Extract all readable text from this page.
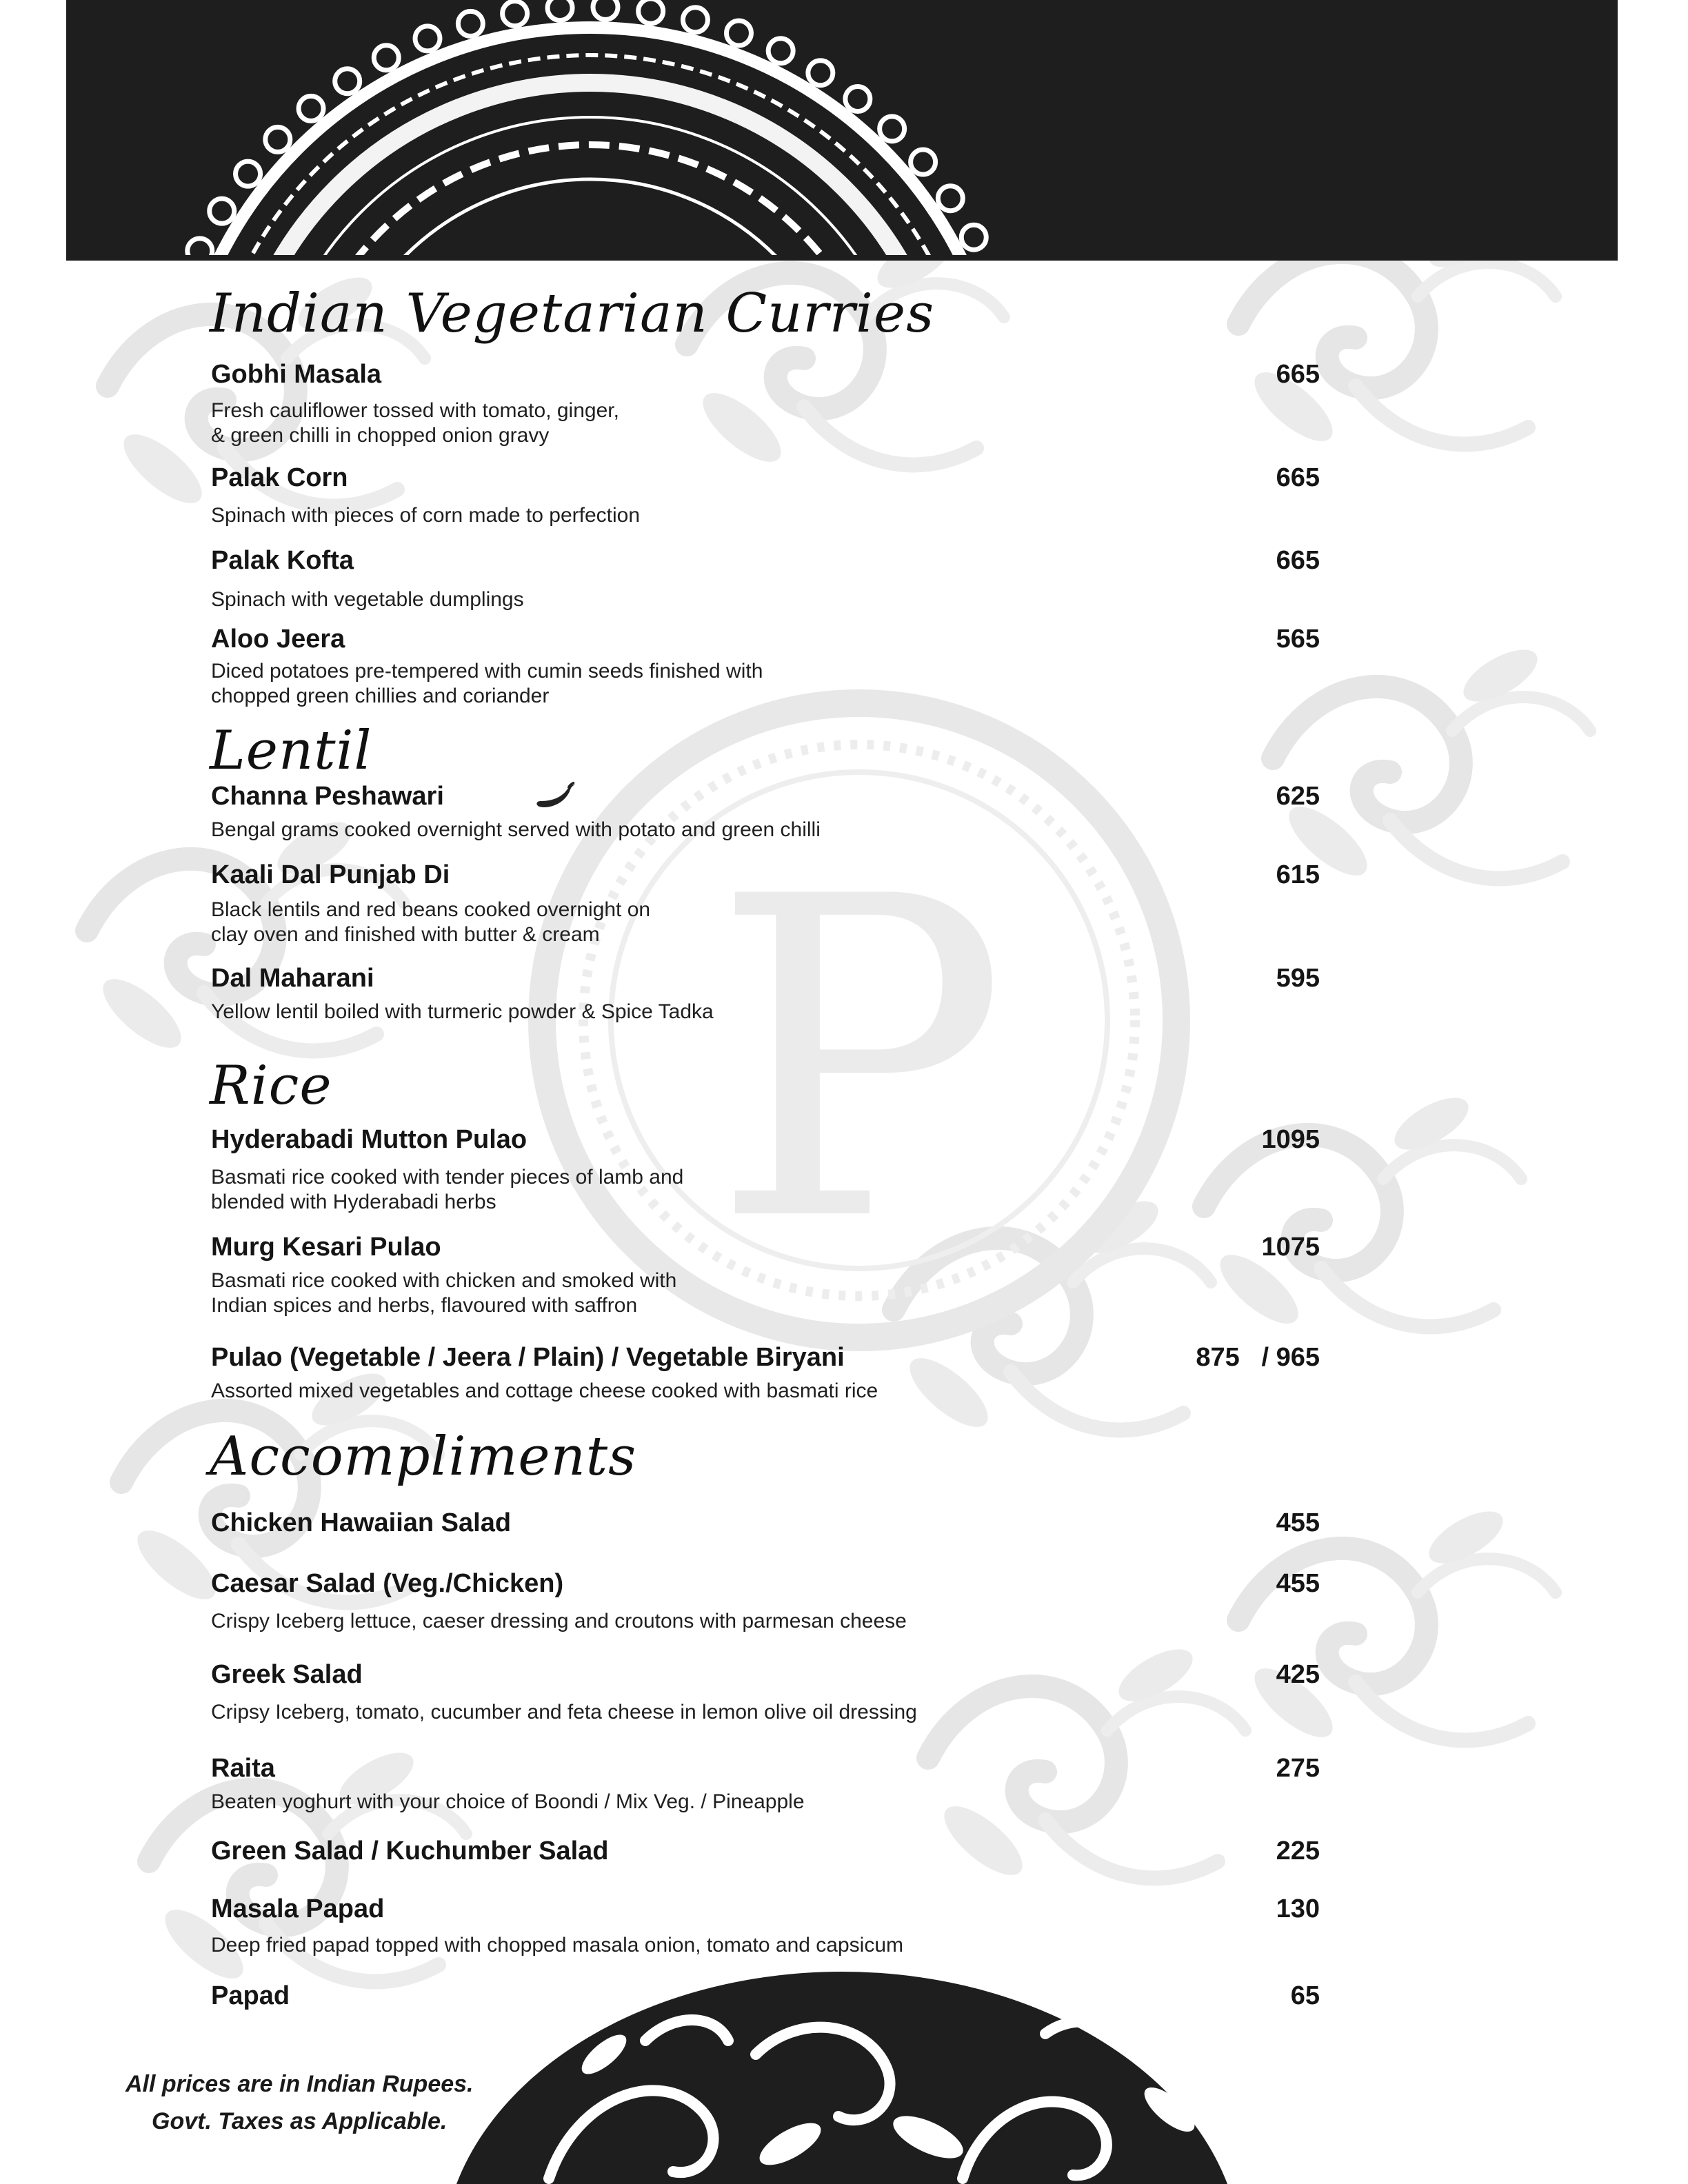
P
Indian Vegetarian Curries
Gobhi Masala	665
Fresh cauliflower tossed with tomato, ginger,
& green chilli in chopped onion gravy
Palak Corn	665
Spinach with pieces of corn made to perfection
Palak Kofta	665
Spinach with vegetable dumplings
Aloo Jeera	565
Diced potatoes pre-tempered with cumin seeds finished with
chopped green chillies and coriander
Lentil
Channa Peshawari	625
Bengal grams cooked overnight served with potato and green chilli
Kaali Dal Punjab Di	615
Black lentils and red beans cooked overnight on
clay oven and finished with butter & cream
Dal Maharani	595
Yellow lentil boiled with turmeric powder & Spice Tadka
Rice
Hyderabadi Mutton Pulao	1095
Basmati rice cooked with tender pieces of lamb and
blended with Hyderabadi herbs
Murg Kesari Pulao	1075
Basmati rice cooked with chicken and smoked with
Indian spices and herbs, flavoured with saffron
Pulao (Vegetable / Jeera / Plain) / Vegetable Biryani	875   / 965
Assorted mixed vegetables and cottage cheese cooked with basmati rice
Accompliments
Chicken Hawaiian Salad	455
Caesar Salad (Veg./Chicken)	455
Crispy Iceberg lettuce, caeser dressing and croutons with parmesan cheese
Greek Salad	425
Cripsy Iceberg, tomato, cucumber and feta cheese in lemon olive oil dressing
Raita	275
Beaten yoghurt with your choice of Boondi / Mix Veg. / Pineapple
Green Salad / Kuchumber Salad	225
Masala Papad	130
Deep fried papad topped with chopped masala onion, tomato and capsicum
Papad	65
All prices are in Indian Rupees.
Govt. Taxes as Applicable.
